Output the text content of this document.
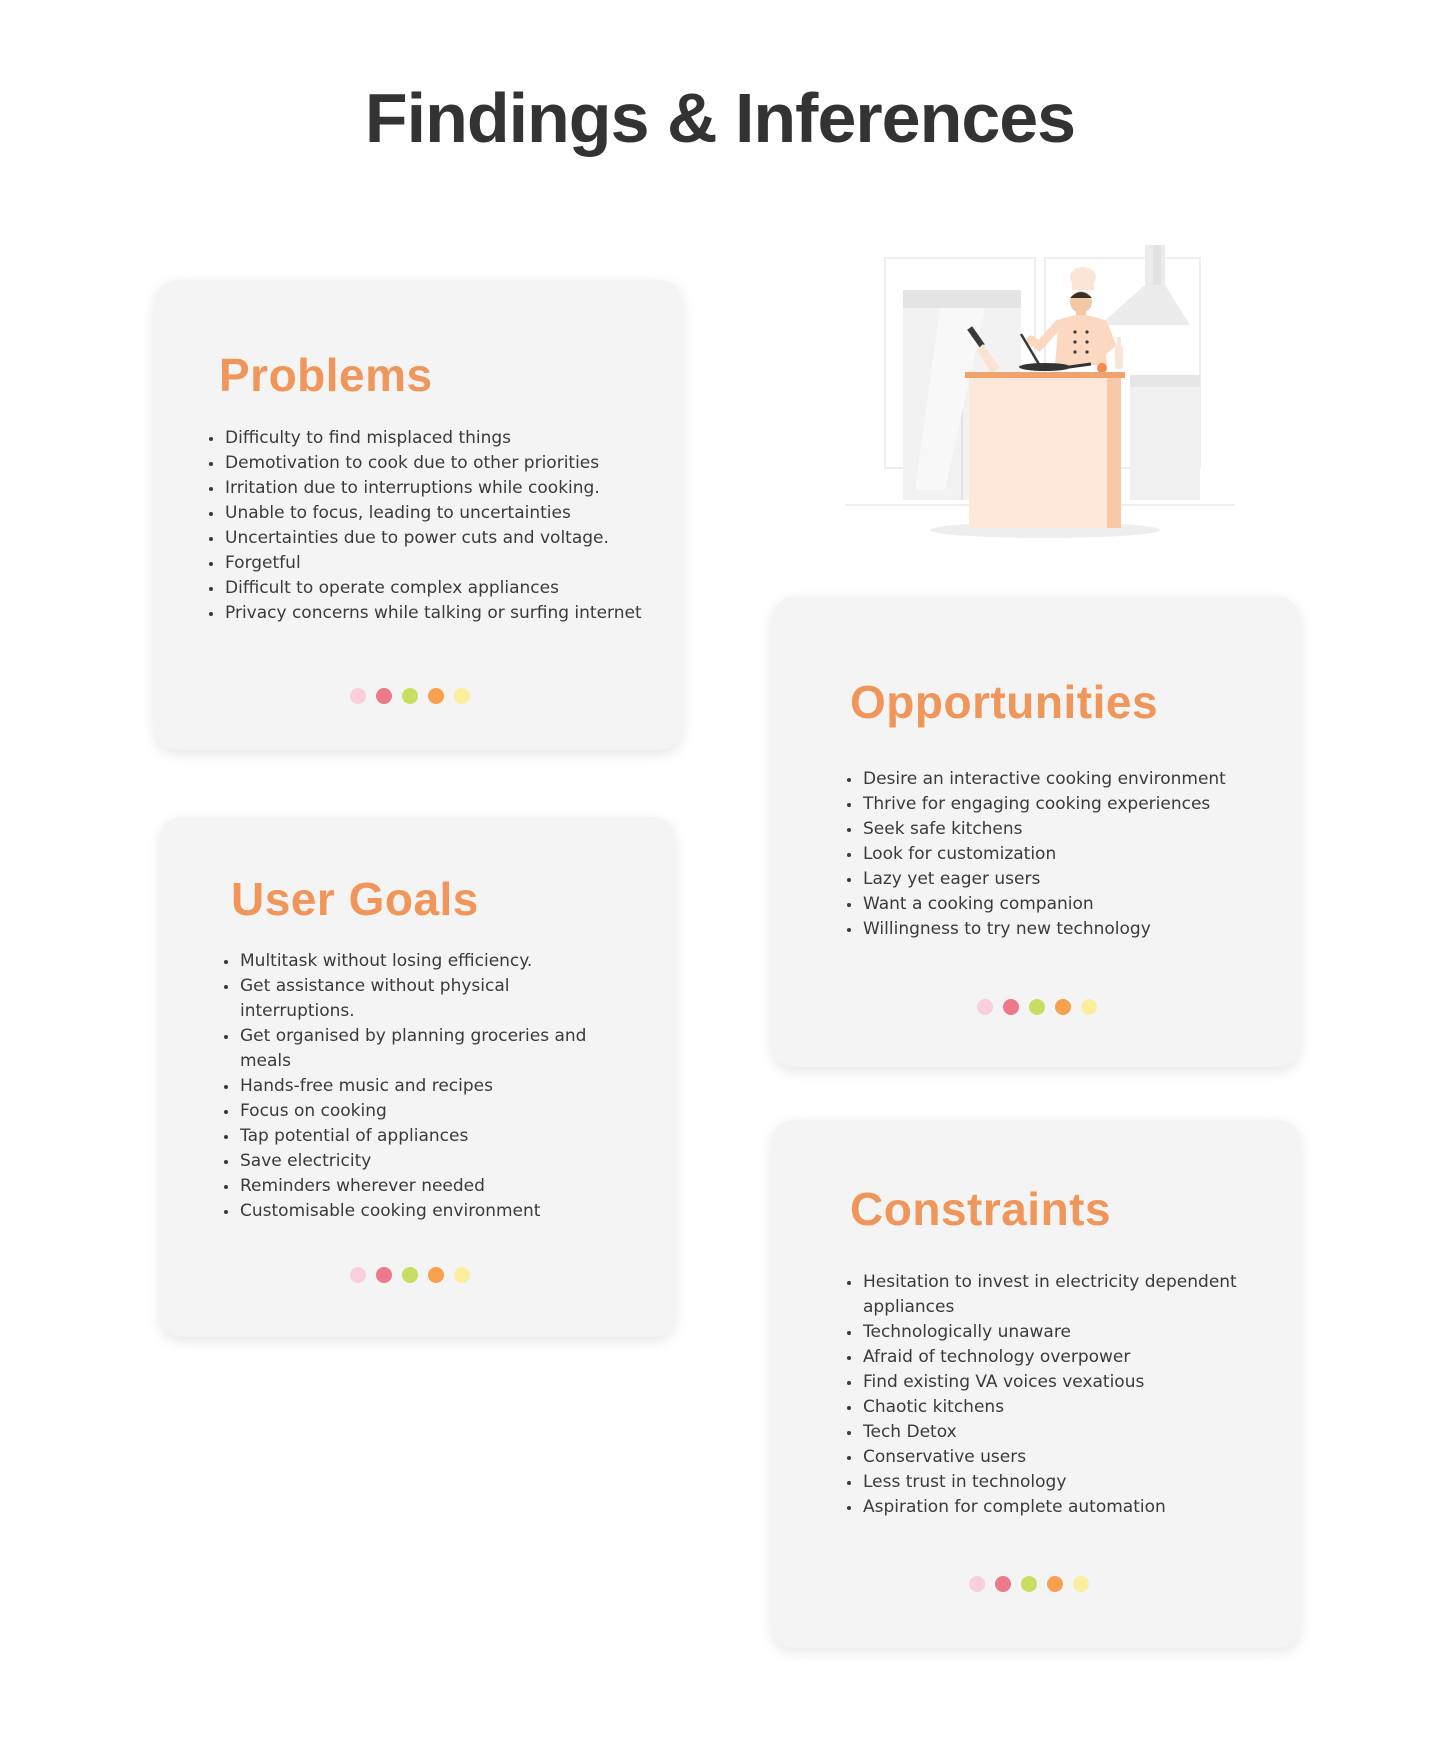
Findings & Inferences
Problems
Difficulty to find misplaced things
Demotivation to cook due to other priorities
Irritation due to interruptions while cooking.
Unable to focus, leading to uncertainties
Uncertainties due to power cuts and voltage.
Forgetful
Difficult to operate complex appliances
Privacy concerns while talking or surfing internet
User Goals
Multitask without losing efficiency.
Get assistance without physical interruptions.
Get organised by planning groceries and meals
Hands-free music and recipes
Focus on cooking
Tap potential of appliances
Save electricity
Reminders wherever needed
Customisable cooking environment
Opportunities
Desire an interactive cooking environment
Thrive for engaging cooking experiences
Seek safe kitchens
Look for customization
Lazy yet eager users
Want a cooking companion
Willingness to try new technology
Constraints
Hesitation to invest in electricity dependent appliances
Technologically unaware
Afraid of technology overpower
Find existing VA voices vexatious
Chaotic kitchens
Tech Detox
Conservative users
Less trust in technology
Aspiration for complete automation
